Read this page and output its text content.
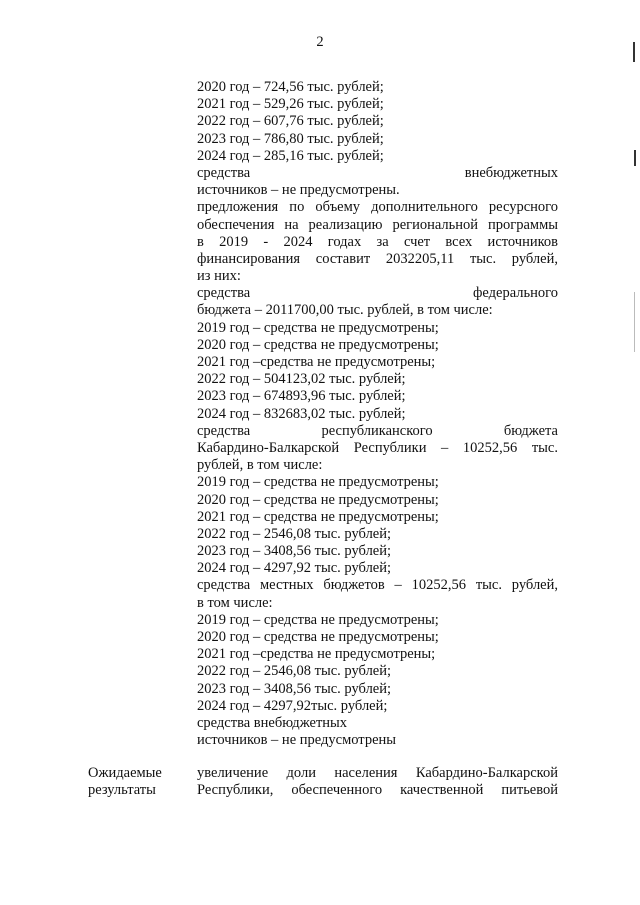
2
2020 год – 724,56 тыс. рублей;
2021 год – 529,26 тыс. рублей;
2022 год – 607,76 тыс. рублей;
2023 год – 786,80 тыс. рублей;
2024 год – 285,16 тыс. рублей;
средства внебюджетных
источников – не предусмотрены.
предложения по объему дополнительного ресурсного
обеспечения на реализацию региональной программы
в 2019 - 2024 годах за счет всех источников
финансирования составит 2032205,11 тыс. рублей,
из них:
средства федерального
бюджета – 2011700,00 тыс. рублей, в том числе:
2019 год – средства не предусмотрены;
2020 год – средства не предусмотрены;
2021 год –средства не предусмотрены;
2022 год – 504123,02 тыс. рублей;
2023 год – 674893,96 тыс. рублей;
2024 год – 832683,02 тыс. рублей;
средства республиканского бюджета
Кабардино-Балкарской Республики – 10252,56 тыс.
рублей, в том числе:
2019 год – средства не предусмотрены;
2020 год – средства не предусмотрены;
2021 год – средства не предусмотрены;
2022 год – 2546,08 тыс. рублей;
2023 год – 3408,56 тыс. рублей;
2024 год – 4297,92 тыс. рублей;
средства местных бюджетов – 10252,56 тыс. рублей,
в том числе:
2019 год – средства не предусмотрены;
2020 год – средства не предусмотрены;
2021 год –средства не предусмотрены;
2022 год – 2546,08 тыс. рублей;
2023 год – 3408,56 тыс. рублей;
2024 год – 4297,92тыс. рублей;
средства внебюджетных
источников – не предусмотрены
Ожидаемые
результаты
увеличение доли населения Кабардино-Балкарской
Республики, обеспеченного качественной питьевой
